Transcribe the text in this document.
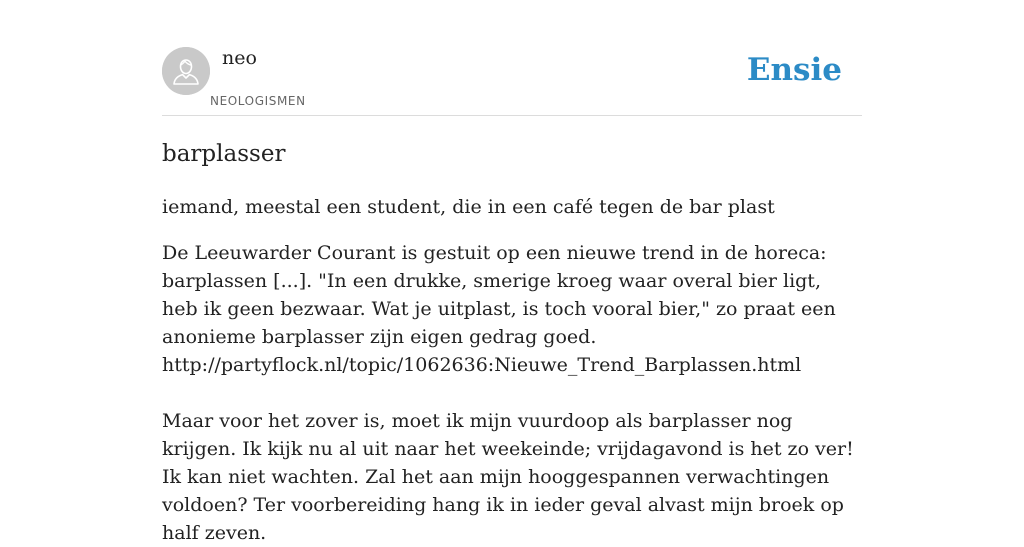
neo
NEOLOGISMEN
Ensie
barplasser

iemand, meestal een student, die in een café tegen de bar plast

De Leeuwarder Courant is gestuit op een nieuwe trend in de horeca: barplassen [...]. "In een drukke, smerige kroeg waar overal bier ligt, heb ik geen bezwaar. Wat je uitplast, is toch vooral bier," zo praat een anonieme barplasser zijn eigen gedrag goed.
http://partyflock.nl/topic/1062636:Nieuwe_Trend_Barplassen.html

Maar voor het zover is, moet ik mijn vuurdoop als barplasser nog krijgen. Ik kijk nu al uit naar het weekeinde; vrijdagavond is het zo ver! Ik kan niet wachten. Zal het aan mijn hooggespannen verwachtingen voldoen? Ter voorbereiding hang ik in ieder geval alvast mijn broek op half zeven.
